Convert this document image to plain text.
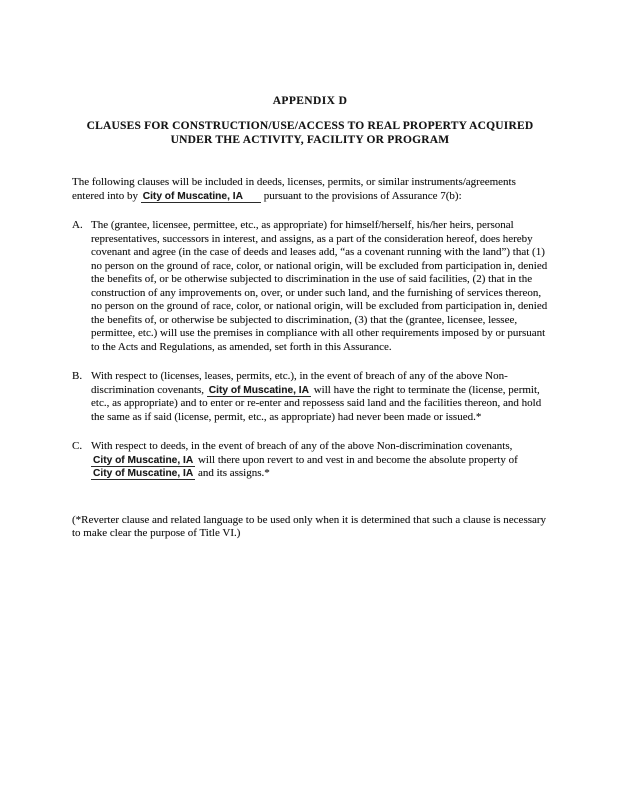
APPENDIX D
CLAUSES FOR CONSTRUCTION/USE/ACCESS TO REAL PROPERTY ACQUIRED
UNDER THE ACTIVITY, FACILITY OR PROGRAM

The following clauses will be included in deeds, licenses, permits, or similar instruments/agreements entered into by City of Muscatine, IA pursuant to the provisions of Assurance 7(b):

A. The (grantee, licensee, permittee, etc., as appropriate) for himself/herself, his/her heirs, personal representatives, successors in interest, and assigns, as a part of the consideration hereof, does hereby covenant and agree (in the case of deeds and leases add, “as a covenant running with the land”) that (1) no person on the ground of race, color, or national origin, will be excluded from participation in, denied the benefits of, or be otherwise subjected to discrimination in the use of said facilities, (2) that in the construction of any improvements on, over, or under such land, and the furnishing of services thereon, no person on the ground of race, color, or national origin, will be excluded from participation in, denied the benefits of, or otherwise be subjected to discrimination, (3) that the (grantee, licensee, lessee, permittee, etc.) will use the premises in compliance with all other requirements imposed by or pursuant to the Acts and Regulations, as amended, set forth in this Assurance.
B. With respect to (licenses, leases, permits, etc.), in the event of breach of any of the above Non-discrimination covenants, City of Muscatine, IA will have the right to terminate the (license, permit, etc., as appropriate) and to enter or re-enter and repossess said land and the facilities thereon, and hold the same as if said (license, permit, etc., as appropriate) had never been made or issued.*
C. With respect to deeds, in the event of breach of any of the above Non-discrimination covenants, City of Muscatine, IA will there upon revert to and vest in and become the absolute property of City of Muscatine, IA and its assigns.*

(*Reverter clause and related language to be used only when it is determined that such a clause is necessary to make clear the purpose of Title VI.)
